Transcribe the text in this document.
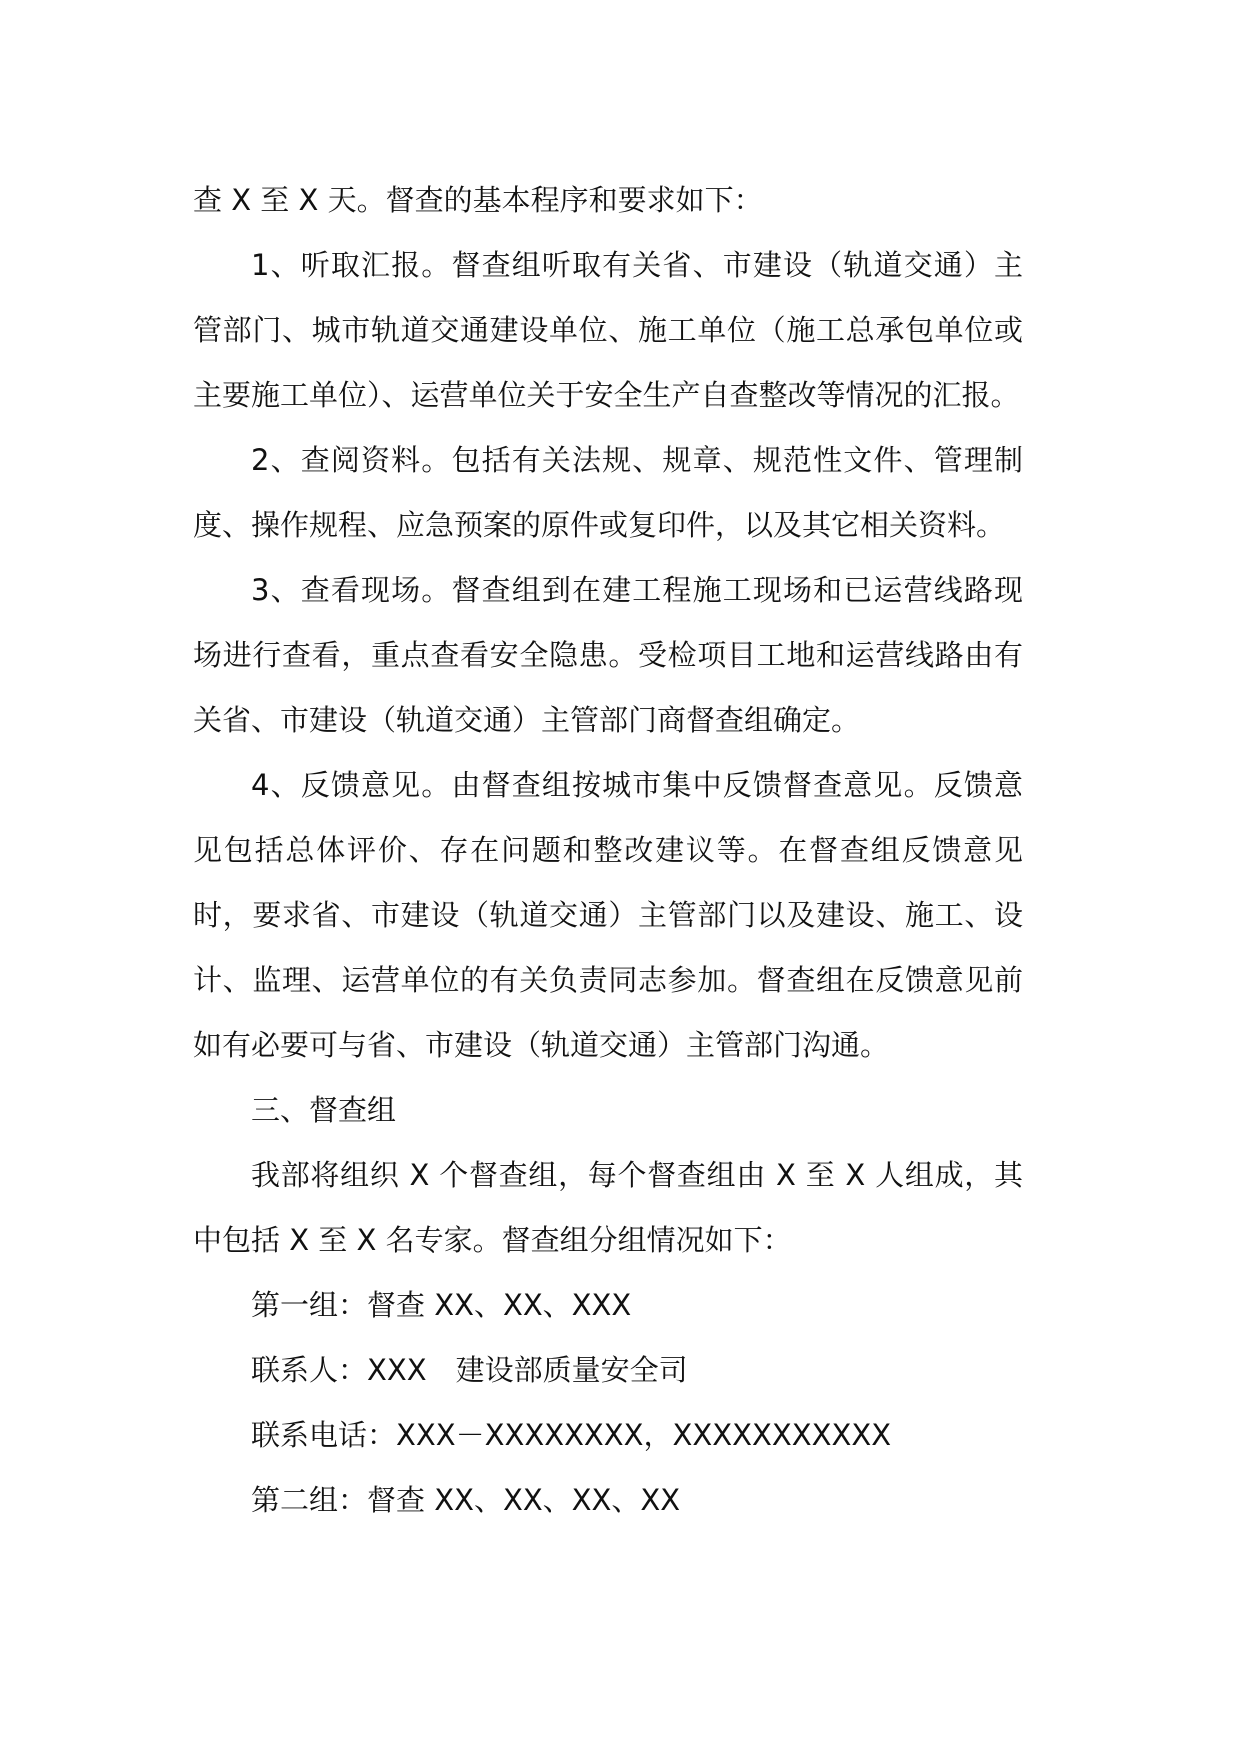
查 X 至 X 天。督查的基本程序和要求如下：

1、听取汇报。督查组听取有关省、市建设（轨道交通）主管部门、城市轨道交通建设单位、施工单位（施工总承包单位或主要施工单位）、运营单位关于安全生产自查整改等情况的汇报。

2、查阅资料。包括有关法规、规章、规范性文件、管理制度、操作规程、应急预案的原件或复印件，以及其它相关资料。

3、查看现场。督查组到在建工程施工现场和已运营线路现场进行查看，重点查看安全隐患。受检项目工地和运营线路由有关省、市建设（轨道交通）主管部门商督查组确定。

4、反馈意见。由督查组按城市集中反馈督查意见。反馈意见包括总体评价、存在问题和整改建议等。在督查组反馈意见时，要求省、市建设（轨道交通）主管部门以及建设、施工、设计、监理、运营单位的有关负责同志参加。督查组在反馈意见前如有必要可与省、市建设（轨道交通）主管部门沟通。

三、督查组

我部将组织 X 个督查组，每个督查组由 X 至 X 人组成，其中包括 X 至 X 名专家。督查组分组情况如下：

第一组：督查 XX、XX、XXX

联系人：XXX　建设部质量安全司

联系电话：XXX－XXXXXXXX，XXXXXXXXXXX

第二组：督查 XX、XX、XX、XX
